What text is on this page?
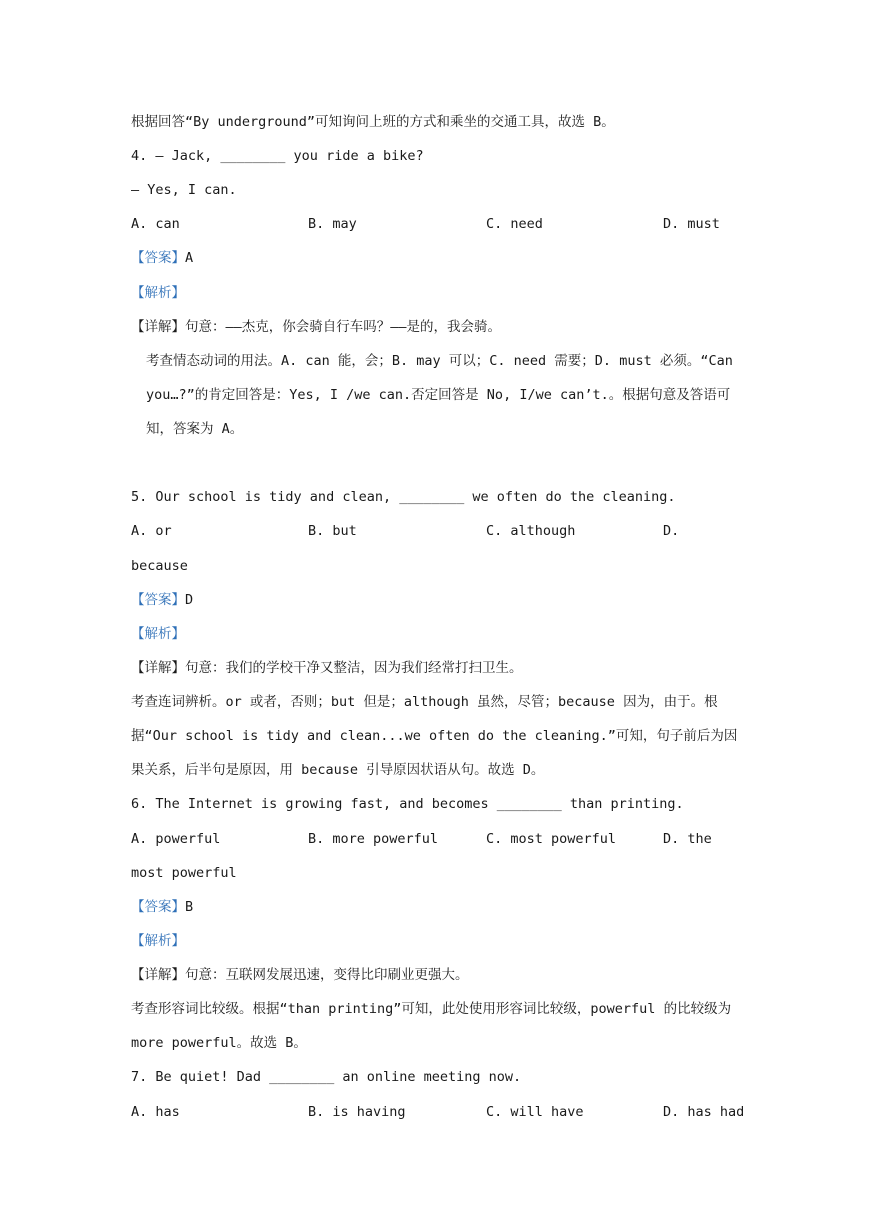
根据回答“By underground”可知询问上班的方式和乘坐的交通工具，故选 B。
4. — Jack, ________ you ride a bike?
— Yes, I can.
A. can	B. may	C. need	D. must
【答案】A
【解析】
【详解】句意：——杰克，你会骑自行车吗？——是的，我会骑。
考查情态动词的用法。A. can 能，会；B. may 可以；C. need 需要；D. must 必须。“Can you…?”的肯定回答是：Yes, I /we can.否定回答是 No, I/we can’t.。根据句意及答语可知，答案为 A。
5. Our school is tidy and clean, ________ we often do the cleaning.
A. or	B. but	C. although	D.
because
【答案】D
【解析】
【详解】句意：我们的学校干净又整洁，因为我们经常打扫卫生。
考查连词辨析。or 或者，否则；but 但是；although 虽然，尽管；because 因为，由于。根据“Our school is tidy and clean...we often do the cleaning.”可知，句子前后为因果关系，后半句是原因，用 because 引导原因状语从句。故选 D。
6. The Internet is growing fast, and becomes ________ than printing.
A. powerful	B. more powerful	C. most powerful	D. the
most powerful
【答案】B
【解析】
【详解】句意：互联网发展迅速，变得比印刷业更强大。
考查形容词比较级。根据“than printing”可知，此处使用形容词比较级，powerful 的比较级为 more powerful。故选 B。
7. Be quiet! Dad ________ an online meeting now.
A. has	B. is having	C. will have	D. has had
